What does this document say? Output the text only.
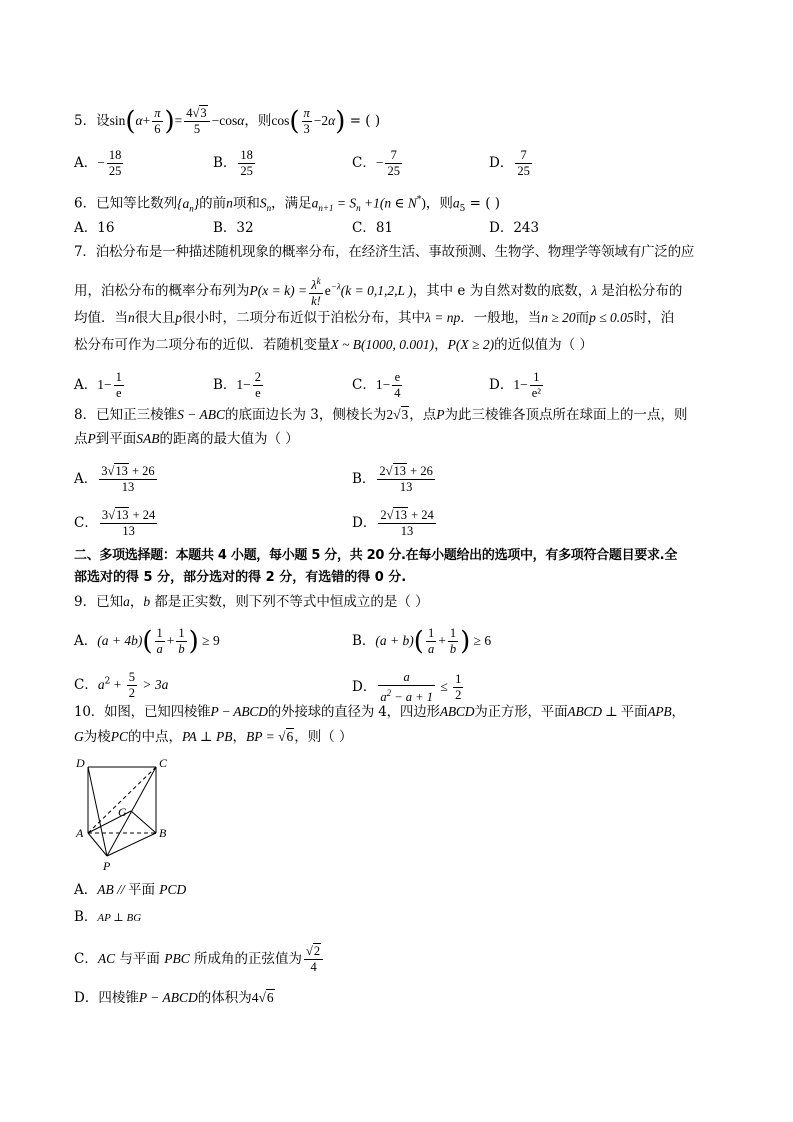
5．设$\sin(\alpha+ \frac{\pi}{6}$ )= $\frac{4√3}{5} -\cos\alpha$，则$\cos( \frac{\pi}{3} -2\alpha)$ = ( )
A．− $\frac{18}{25}$	B． $\frac{18}{25}$	C．− $\frac{7}{25}$	D． $\frac{7}{25}$
6．已知等比数列$\{a_n\}$的前n项和$S_n$，满足$a_{n+1} = S_n +1(n$ ∈ N*)，则$a_5$ = ( )
A．16	B．32	C．81	D．243
7．泊松分布是一种描述随机现象的概率分布，在经济生活、事故预测、生物学、物理学等领域有广泛的应
用，泊松分布的概率分布列为$P(x = k) = \frac{\lambda^k}{k!} e^{-\lambda}(k = 0,1,2,L$ )，其中 e 为自然对数的底数，λ 是泊松分布的
均值．当n很大且p很小时，二项分布近似于泊松分布，其中λ = np．一般地，当n ≥ 20而p ≤ 0.05时，泊
松分布可作为二项分布的近似．若随机变量X ~ B(1000, 0.001)，P(X ≥ 2)的近似值为（ ）
A．$1- \frac{1}{e}$	B．$1- \frac{2}{e}$	C．$1- \frac{e}{4}$	D．$1- \frac{1}{\text{e²}}$
8．已知正三棱锥S − ABC的底面边长为 3，侧棱长为2√3，点P为此三棱锥各顶点所在球面上的一点，则
点P到平面SAB的距离的最大值为（ ）
A． $\frac{3√13 + 26}{13}$	B． $\frac{2√13 + 26}{13}$
C． $\frac{3√13 + 24}{13}$	D． $\frac{2√13 + 24}{13}$
二、多项选择题：本题共 4 小题，每小题 5 分，共 20 分.在每小题给出的选项中，有多项符合题目要求.全
部选对的得 5 分，部分选对的得 2 分，有选错的得 0 分.
9．已知a，b 都是正实数，则下列不等式中恒成立的是（ ）
A．$(a + 4b)( \frac{1}{a} + \frac{1}{b}$ ) ≥ 9	B．$(a + b)( \frac{1}{a} + \frac{1}{b}$ ) ≥ 6
C．$a^2 + \frac{5}{2} > 3a$	D． $\frac{a}{a^2 - a + 1} \le \frac{1}{2}$
10．如图，已知四棱锥P − ABCD的外接球的直径为 4，四边形ABCD为正方形，平面ABCD ⊥ 平面APB，
G为棱PC的中点，PA ⊥ PB，BP = √6，则（ ）
D	C
A	B
G
P
A．AB // 平面 PCD
B．AP ⊥ BG
C．AC 与平面 PBC 所成角的正弦值为 $\frac{√2}{4}$
D．四棱锥P − ABCD的体积为4√6
